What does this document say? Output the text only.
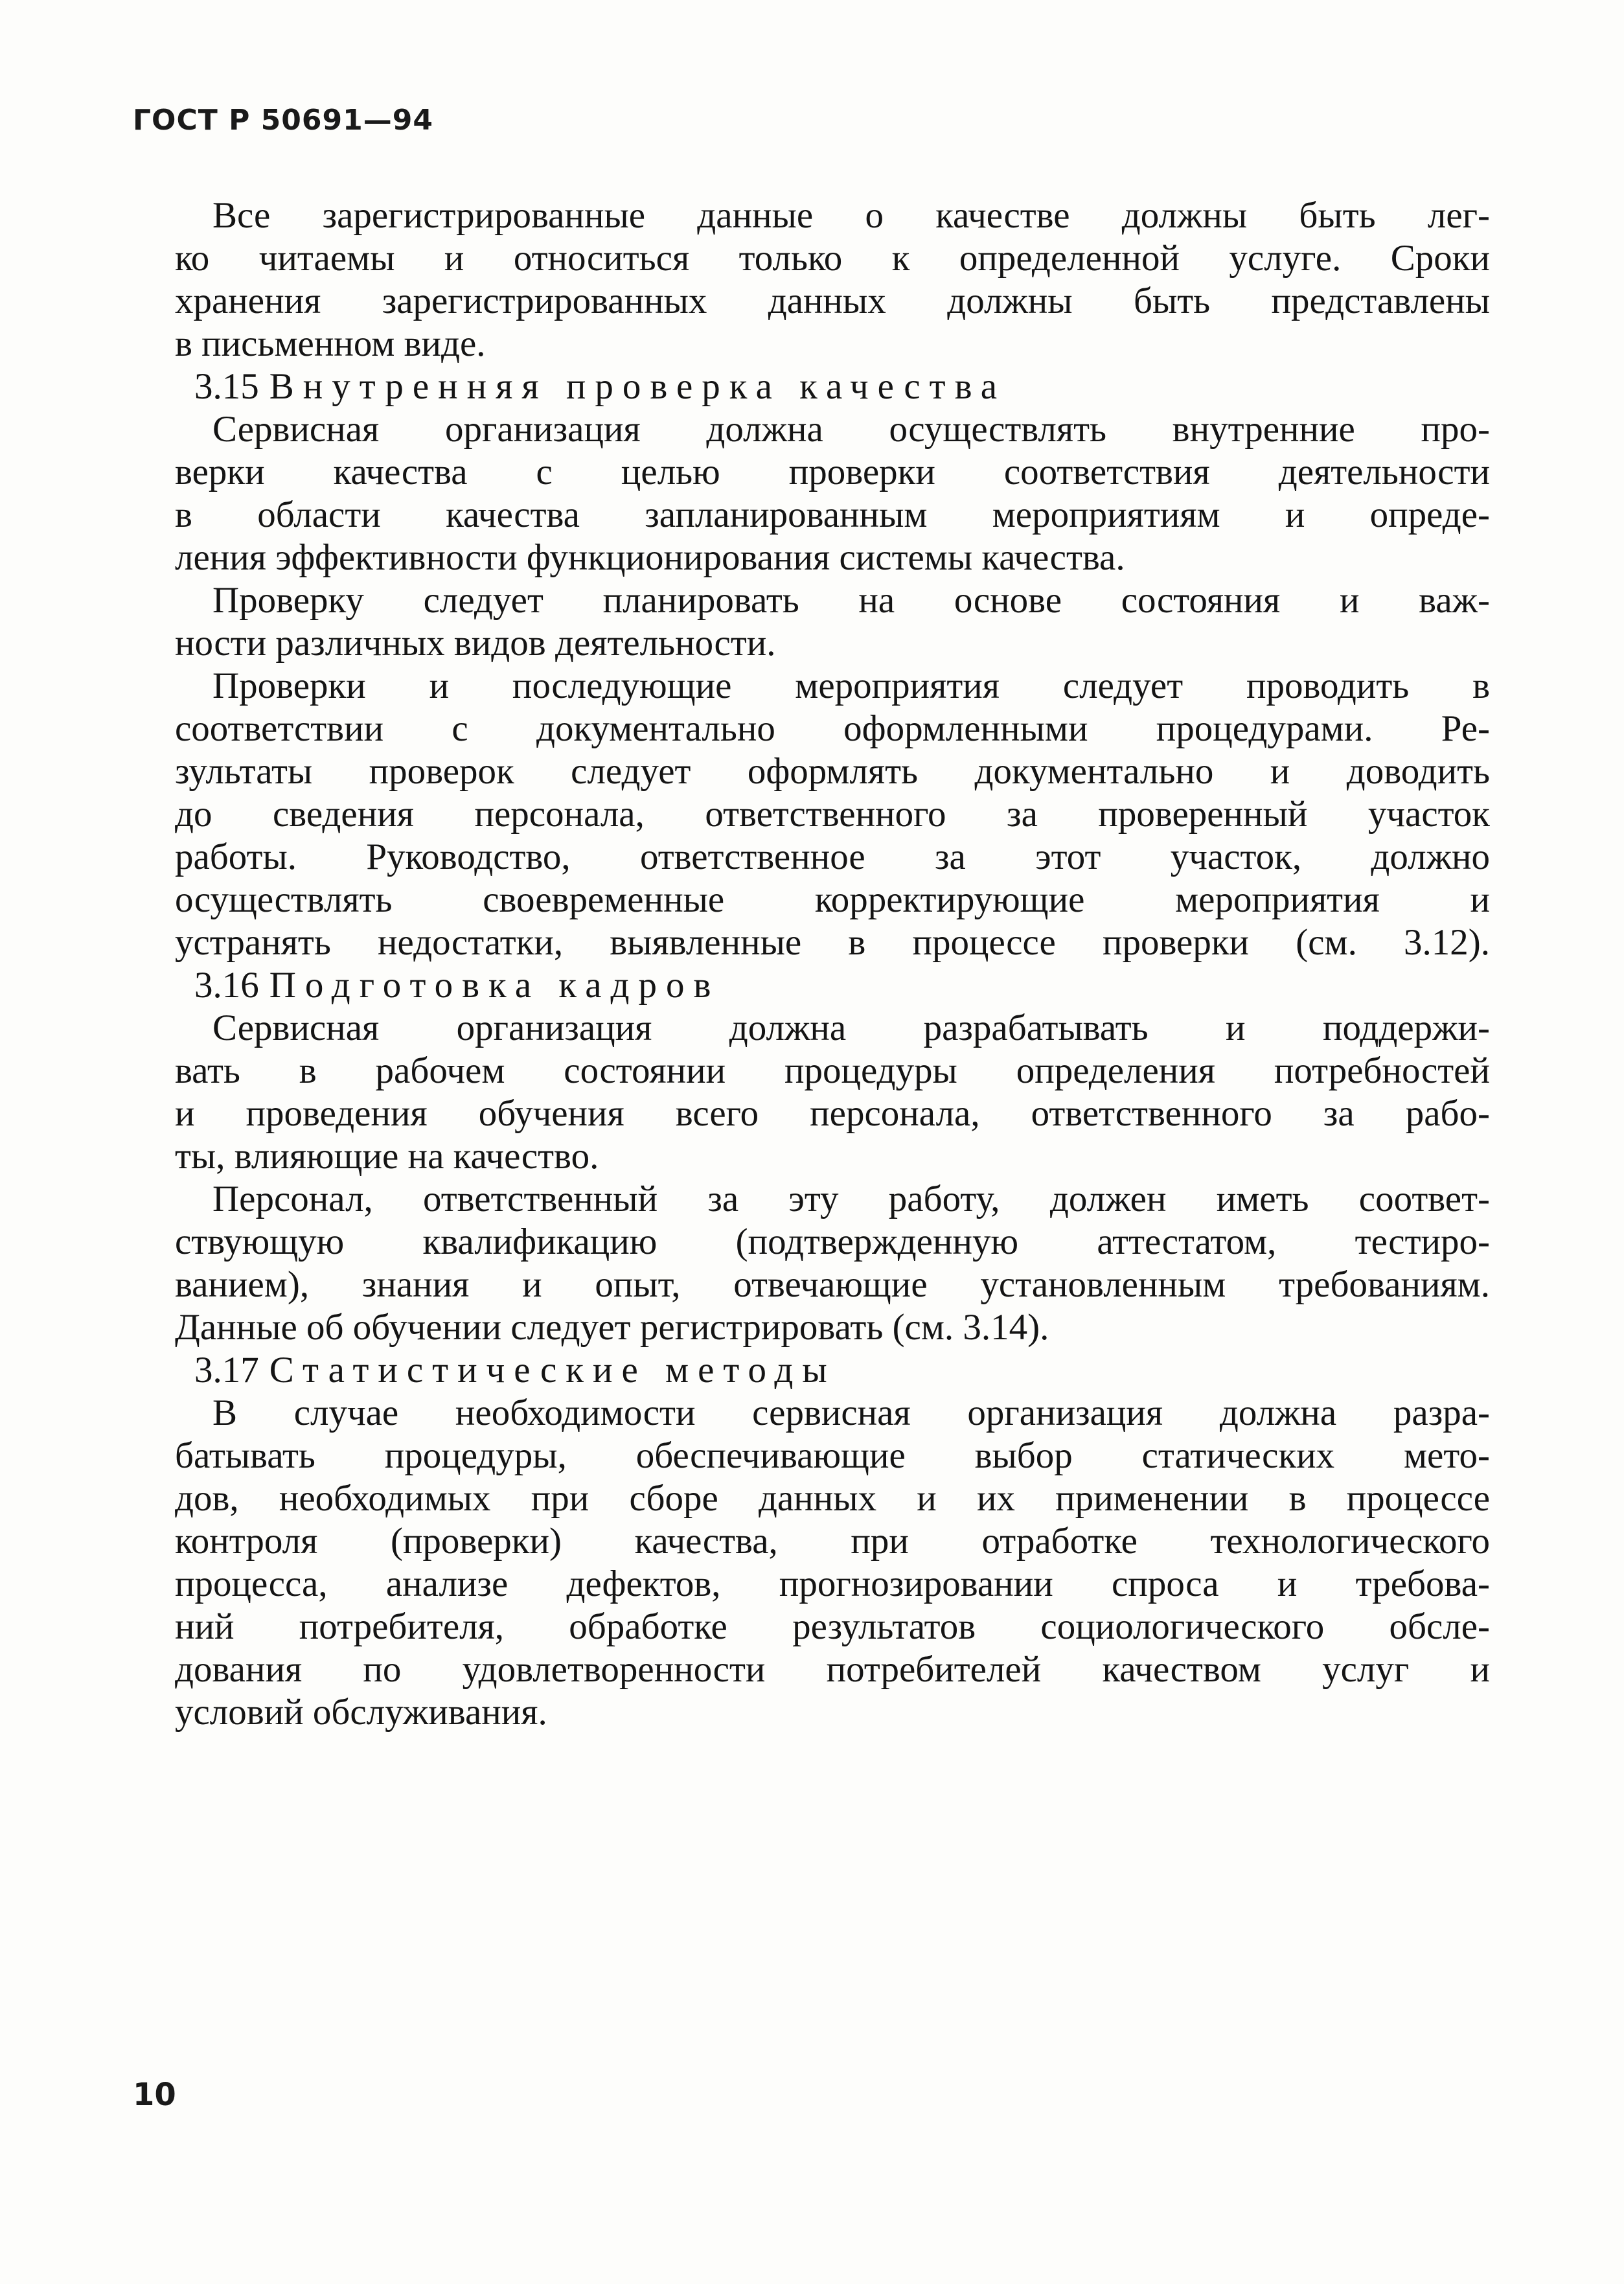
ГОСТ Р 50691—94
Все зарегистрированные данные о качестве должны быть лег-
ко читаемы и относиться только к определенной услуге. Сроки
хранения зарегистрированных данных должны быть представлены
в письменном виде.
3.15 Внутренняя проверка качества
Сервисная организация должна осуществлять внутренние про-
верки качества с целью проверки соответствия деятельности
в области качества запланированным мероприятиям и опреде-
ления эффективности функционирования системы качества.
Проверку следует планировать на основе состояния и важ-
ности различных видов деятельности.
Проверки и последующие мероприятия следует проводить в
соответствии с документально оформленными процедурами. Ре-
зультаты проверок следует оформлять документально и доводить
до сведения персонала, ответственного за проверенный участок
работы. Руководство, ответственное за этот участок, должно
осуществлять своевременные корректирующие мероприятия и
устранять недостатки, выявленные в процессе проверки (см. 3.12).
3.16 Подготовка кадров
Сервисная организация должна разрабатывать и поддержи-
вать в рабочем состоянии процедуры определения потребностей
и проведения обучения всего персонала, ответственного за рабо-
ты, влияющие на качество.
Персонал, ответственный за эту работу, должен иметь соответ-
ствующую квалификацию (подтвержденную аттестатом, тестиро-
ванием), знания и опыт, отвечающие установленным требованиям.
Данные об обучении следует регистрировать (см. 3.14).
3.17 Статистические методы
В случае необходимости сервисная организация должна разра-
батывать процедуры, обеспечивающие выбор статических мето-
дов, необходимых при сборе данных и их применении в процессе
контроля (проверки) качества, при отработке технологического
процесса, анализе дефектов, прогнозировании спроса и требова-
ний потребителя, обработке результатов социологического обсле-
дования по удовлетворенности потребителей качеством услуг и
условий обслуживания.
10
